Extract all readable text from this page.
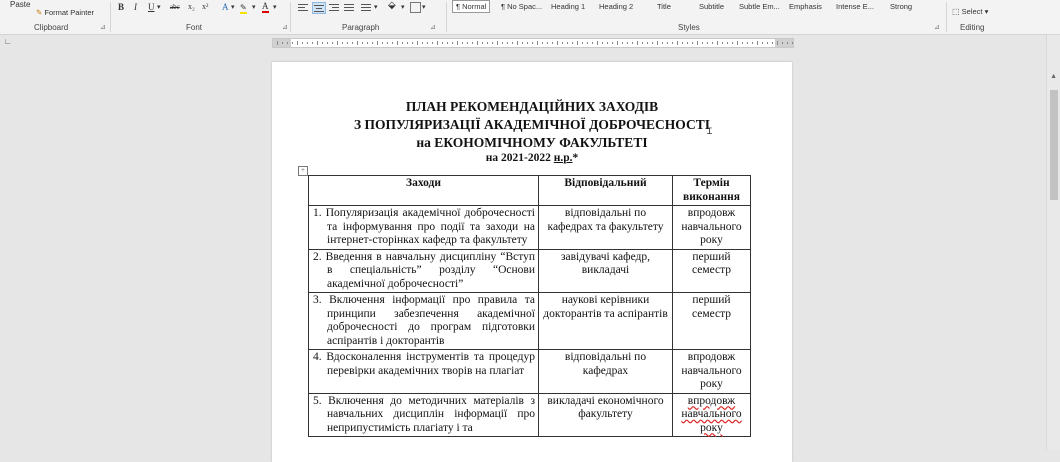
Paste
✎ Format Painter
Clipboard	⊿
B I U ▾ abc x₂ x² A ▾ ✎ ▾ A ▾
Font	⊿
▾ ⬙ ▾ ▾
Paragraph	⊿
¶ Normal	¶ No Spac...	Heading 1	Heading 2	Title	Subtitle	Subtle Em...	Emphasis	Intense E...	Strong
Styles	⊿
⬚ Select ▾
Editing
∟
▲
ПЛАН РЕКОМЕНДАЦІЙНИХ ЗАХОДІВ
З ПОПУЛЯРИЗАЦІЇ АКАДЕМІЧНОЇ ДОБРОЧЕСНОСТІ
на ЕКОНОМІЧНОМУ ФАКУЛЬТЕТІ
на 2021-2022 н.р.*
Ɪ
+
Заходи	Відповідальний	Термін виконання
1. Популяризація академічної доброчесності та інформування про події та заходи на інтернет-сторінках кафедр та факультету	відповідальні по кафедрах та факультету	впродовж навчального року
2. Введення в навчальну дисципліну “Вступ в спеціальність” розділу “Основи академічної доброчесності”	завідувачі кафедр, викладачі	перший семестр
3. Включення інформації про правила та принципи забезпечення академічної доброчесності до програм підготовки аспірантів і докторантів	наукові керівники докторантів та аспірантів	перший семестр
4. Вдосконалення інструментів та процедур перевірки академічних творів на плагіат	відповідальні по кафедрах	впродовж навчального року
5. Включення до методичних матеріалів з навчальних дисциплін інформації про неприпустимість плагіату і та	викладачі економічного факультету	впродовж навчального року
